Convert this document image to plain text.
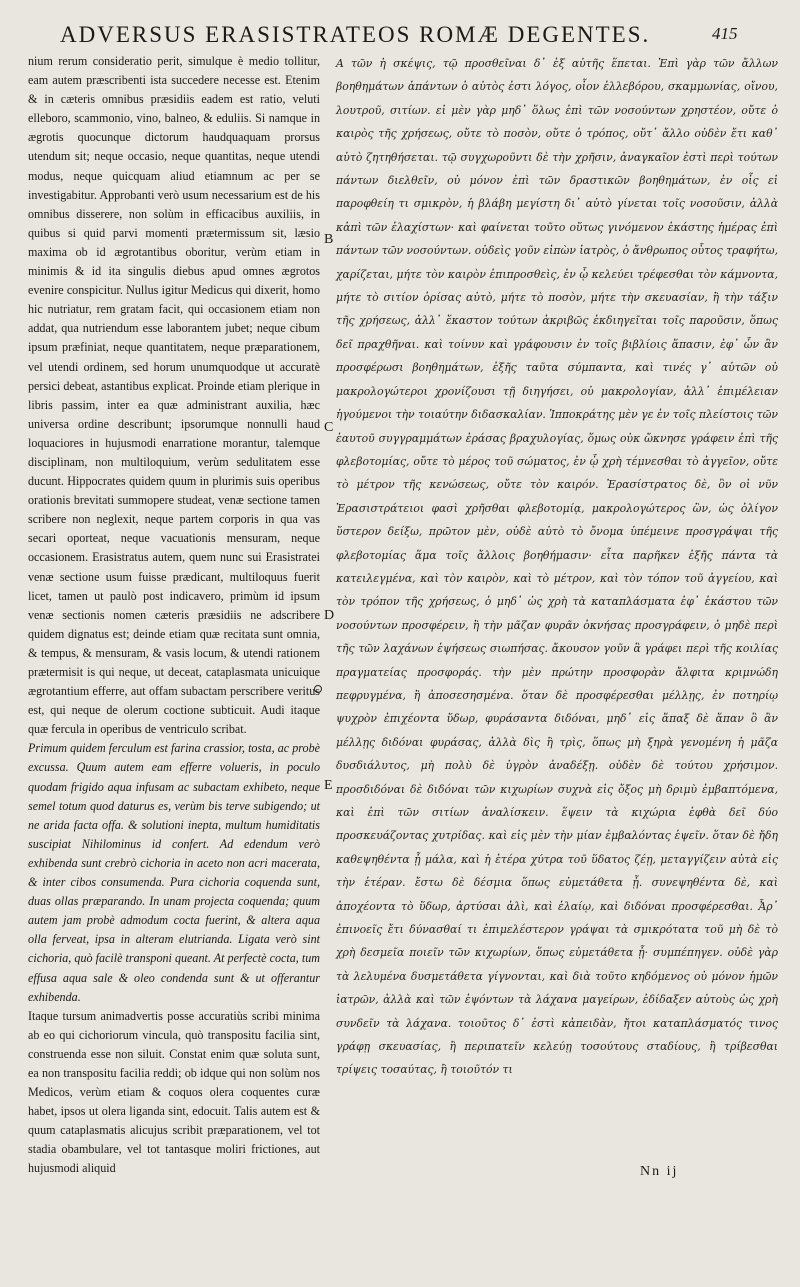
ADVERSUS ERASISTRATEOS ROMÆ DEGENTES.	415

nium rerum consideratio perit, simulque è medio tollitur, eam autem præscribenti ista succedere necesse est. Etenim & in cæteris omnibus præsidiis eadem est ratio, veluti elleboro, scammonio, vino, balneo, & eduliis. Si namque in ægrotis quocunque dictorum haudquaquam prorsus utendum sit; neque occasio, neque quantitas, neque utendi modus, neque quicquam aliud etiamnum ac per se investigabitur. Approbanti verò usum necessarium est de his omnibus disserere, non solùm in efficacibus auxiliis, in quibus si quid parvi momenti prætermissum sit, læsio maxima ob id ægrotantibus oboritur, verùm etiam in minimis & id ita singulis diebus apud omnes ægrotos evenire conspicitur. Nullus igitur Medicus qui dixerit, homo hic nutriatur, rem gratam facit, qui occasionem etiam non addat, qua nutriendum esse laborantem jubet; neque cibum ipsum præfiniat, neque quantitatem, neque præparationem, vel utendi ordinem, sed horum unumquodque ut accuratè persici debeat, astantibus explicat. Proinde etiam plerique in libris passim, inter ea quæ administrant auxilia, hæc universa ordine describunt; ipsorumque nonnulli haud loquaciores in hujusmodi enarratione morantur, talemque disciplinam, non multiloquium, verùm sedulitatem esse ducunt. Hippocrates quidem quum in plurimis suis operibus orationis brevitati summopere studeat, venæ sectione tamen scribere non neglexit, neque partem corporis in qua vas secari oporteat, neque vacuationis mensuram, neque occasionem. Erasistratus autem, quem nunc sui Erasistratei venæ sectione usum fuisse prædicant, multiloquus fuerit licet, tamen ut paulò post indicavero, primùm id ipsum venæ sectionis nomen cæteris præsidiis ne adscribere quidem dignatus est; deinde etiam quæ recitata sunt omnia, & tempus, & mensuram, & vasis locum, & utendi rationem prætermisit is qui neque, ut deceat, cataplasmata unicuique ægrotantium efferre, aut offam subactam perscribere veritus est, qui neque de olerum coctione subticuit. Audi itaque quæ fercula in operibus de ventriculo scribat.

Primum quidem ferculum est farina crassior, tosta, ac probè excussa. Quum autem eam efferre volueris, in poculo quodam frigido aqua infusam ac subactam exhibeto, neque semel totum quod daturus es, verùm bis terve subigendo; ut ne arida facta offa. & solutioni inepta, multum humiditatis suscipiat Nihilominus id confert. Ad edendum verò exhibenda sunt crebrò cichoria in aceto non acri macerata, & inter cibos consumenda. Pura cichoria coquenda sunt, duas ollas præparando. In unam projecta coquenda; quum autem jam probè admodum cocta fuerint, & altera aqua olla ferveat, ipsa in alteram elutrianda. Ligata verò sint cichoria, quò facilè transponi queant. At perfectè cocta, tum effusa aqua sale & oleo condenda sunt & ut offerantur exhibenda.

Itaque tursum animadvertis posse accuratiùs scribi minima ab eo qui cichoriorum vincula, quò transpositu facilia sint, construenda esse non siluit. Constat enim quæ soluta sunt, ea non transpositu facilia reddi; ob idque qui non solùm nos Medicos, verùm etiam & coquos olera coquentes curæ habet, ipsos ut olera liganda sint, edocuit. Talis autem est & quum cataplasmatis alicujus scribit præparationem, vel tot stadia obambulare, vel tot tantasque moliri frictiones, aut hujusmodi aliquid

B
C
D
E

Α τῶν ἡ σκέψις, τῷ προσθεῖναι δ᾽ ἐξ αὐτῆς ἕπεται. Ἐπὶ γὰρ τῶν ἄλλων βοηθημάτων ἁπάντων ὁ αὐτὸς ἐστι λόγος, οἷον ἐλλεβόρου, σκαμμωνίας, οἴνου, λουτροῦ, σιτίων. εἰ μὲν γὰρ μηδ᾽ ὅλως ἐπὶ τῶν νοσούντων χρηστέον, οὔτε ὁ καιρὸς τῆς χρήσεως, οὔτε τὸ ποσὸν, οὔτε ὁ τρόπος, οὔτ᾽ ἄλλο οὐδὲν ἔτι καθ᾽ αὑτὸ ζητηθήσεται. τῷ συγχωροῦντι δὲ τὴν χρῆσιν, ἀναγκαῖον ἐστὶ περὶ τούτων πάντων διελθεῖν, οὐ μόνον ἐπὶ τῶν δραστικῶν βοηθημάτων, ἐν οἷς εἰ παροφθείη τι σμικρὸν, ἡ βλάβη μεγίστη δι᾽ αὐτὸ γίνεται τοῖς νοσοῦσιν, ἀλλὰ κἀπὶ τῶν ἐλαχίστων· καὶ φαίνεται τοῦτο οὕτως γινόμενον ἑκάστης ἡμέρας ἐπὶ πάντων τῶν νοσούντων. οὐδεὶς γοῦν εἰπὼν ἰατρὸς, ὁ ἄνθρωπος οὗτος τραφήτω, χαρίζεται, μήτε τὸν καιρὸν ἐπιπροσθεὶς, ἐν ᾧ κελεύει τρέφεσθαι τὸν κάμνοντα, μήτε τὸ σιτίον ὁρίσας αὐτὸ, μήτε τὸ ποσὸν, μήτε τὴν σκευασίαν, ἢ τὴν τάξιν τῆς χρήσεως, ἀλλ᾽ ἕκαστον τούτων ἀκριβῶς ἐκδιηγεῖται τοῖς παροῦσιν, ὅπως δεῖ πραχθῆναι. καὶ τοίνυν καὶ γράφουσιν ἐν τοῖς βιβλίοις ἅπασιν, ἐφ᾽ ὧν ἂν προσφέρωσι βοηθημάτων, ἐξῆς ταῦτα σύμπαντα, καὶ τινές γ᾽ αὐτῶν οὐ μακρολογώτεροι χρονίζουσι τῇ διηγήσει, οὐ μακρολογίαν, ἀλλ᾽ ἐπιμέλειαν ἡγούμενοι τὴν τοιαύτην διδασκαλίαν. Ἱπποκράτης μὲν γε ἐν τοῖς πλείστοις τῶν ἑαυτοῦ συγγραμμάτων ἐράσας βραχυλογίας, ὅμως οὐκ ὤκνησε γράφειν ἐπὶ τῆς φλεβοτομίας, οὔτε τὸ μέρος τοῦ σώματος, ἐν ᾧ χρὴ τέμνεσθαι τὸ ἀγγεῖον, οὔτε τὸ μέτρον τῆς κενώσεως, οὔτε τὸν καιρόν. Ἐρασίστρατος δὲ, ὃν οἱ νῦν Ἐρασιστράτειοι φασὶ χρῆσθαι φλεβοτομίᾳ, μακρολογώτερος ὢν, ὡς ὀλίγον ὕστερον δείξω, πρῶτον μὲν, οὐδὲ αὐτὸ τὸ ὄνομα ὑπέμεινε προσγράψαι τῆς φλεβοτομίας ἅμα τοῖς ἄλλοις βοηθήμασιν· εἶτα παρῆκεν ἐξῆς πάντα τὰ κατειλεγμένα, καὶ τὸν καιρὸν, καὶ τὸ μέτρον, καὶ τὸν τόπον τοῦ ἀγγείου, καὶ τὸν τρόπον τῆς χρήσεως, ὁ μηδ᾽ ὡς χρὴ τὰ καταπλάσματα ἐφ᾽ ἑκάστου τῶν νοσούντων προσφέρειν, ἢ τὴν μᾶζαν φυρᾶν ὀκνήσας προσγράφειν, ὁ μηδὲ περὶ τῆς τῶν λαχάνων ἑψήσεως σιωπήσας. ἄκουσον γοῦν ἃ γράφει περὶ τῆς κοιλίας πραγματείας προσφοράς. τὴν μὲν πρώτην προσφορὰν ἄλφιτα κριμνώδη πεφρυγμένα, ἢ ἀποσεσησμένα. ὅταν δὲ προσφέρεσθαι μέλλῃς, ἐν ποτηρίῳ ψυχρὸν ἐπιχέοντα ὕδωρ, φυράσαντα διδόναι, μηδ᾽ εἰς ἅπαξ δὲ ἅπαν ὃ ἂν μέλλῃς διδόναι φυράσας, ἀλλὰ δὶς ἢ τρὶς, ὅπως μὴ ξηρὰ γενομένη ἡ μᾶζα δυσδιάλυτος, μὴ πολὺ δὲ ὑγρὸν ἀναδέξῃ. οὐδὲν δὲ τούτου χρήσιμον. προσδιδόναι δὲ διδόναι τῶν κιχωρίων συχνὰ εἰς ὄξος μὴ δριμὺ ἐμβαπτόμενα, καὶ ἐπὶ τῶν σιτίων ἀναλίσκειν. ἕψειν τὰ κιχώρια ἑφθὰ δεῖ δύο προσκευάζοντας χυτρίδας. καὶ εἰς μὲν τὴν μίαν ἐμβαλόντας ἑψεῖν. ὅταν δὲ ἤδη καθεψηθέντα ᾖ μάλα, καὶ ἡ ἑτέρα χύτρα τοῦ ὕδατος ζέῃ, μεταγγίζειν αὐτὰ εἰς τὴν ἑτέραν. ἔστω δὲ δέσμια ὅπως εὐμετάθετα ᾖ. συνεψηθέντα δὲ, καὶ ἀποχέοντα τὸ ὕδωρ, ἀρτύσαι ἁλὶ, καὶ ἐλαίῳ, καὶ διδόναι προσφέρεσθαι. Ἆρ᾽ ἐπινοεῖς ἔτι δύνασθαί τι ἐπιμελέστερον γράψαι τὰ σμικρότατα τοῦ μὴ δὲ τὸ χρὴ δεσμεῖα ποιεῖν τῶν κιχωρίων, ὅπως εὐμετάθετα ᾖ· συμπέπηγεν. οὐδὲ γὰρ τὰ λελυμένα δυσμετάθετα γίγνονται, καὶ διὰ τοῦτο κηδόμενος οὐ μόνον ἡμῶν ἰατρῶν, ἀλλὰ καὶ τῶν ἑψόντων τὰ λάχανα μαγείρων, ἐδίδαξεν αὐτοὺς ὡς χρὴ συνδεῖν τὰ λάχανα. τοιοῦτος δ᾽ ἐστὶ κἀπειδὰν, ἤτοι καταπλάσματός τινος γράφῃ σκευασίας, ἢ περιπατεῖν κελεύῃ τοσούτους σταδίους, ἢ τρίβεσθαι τρίψεις τοσαύτας, ἢ τοιοῦτόν τι

Nn ij
